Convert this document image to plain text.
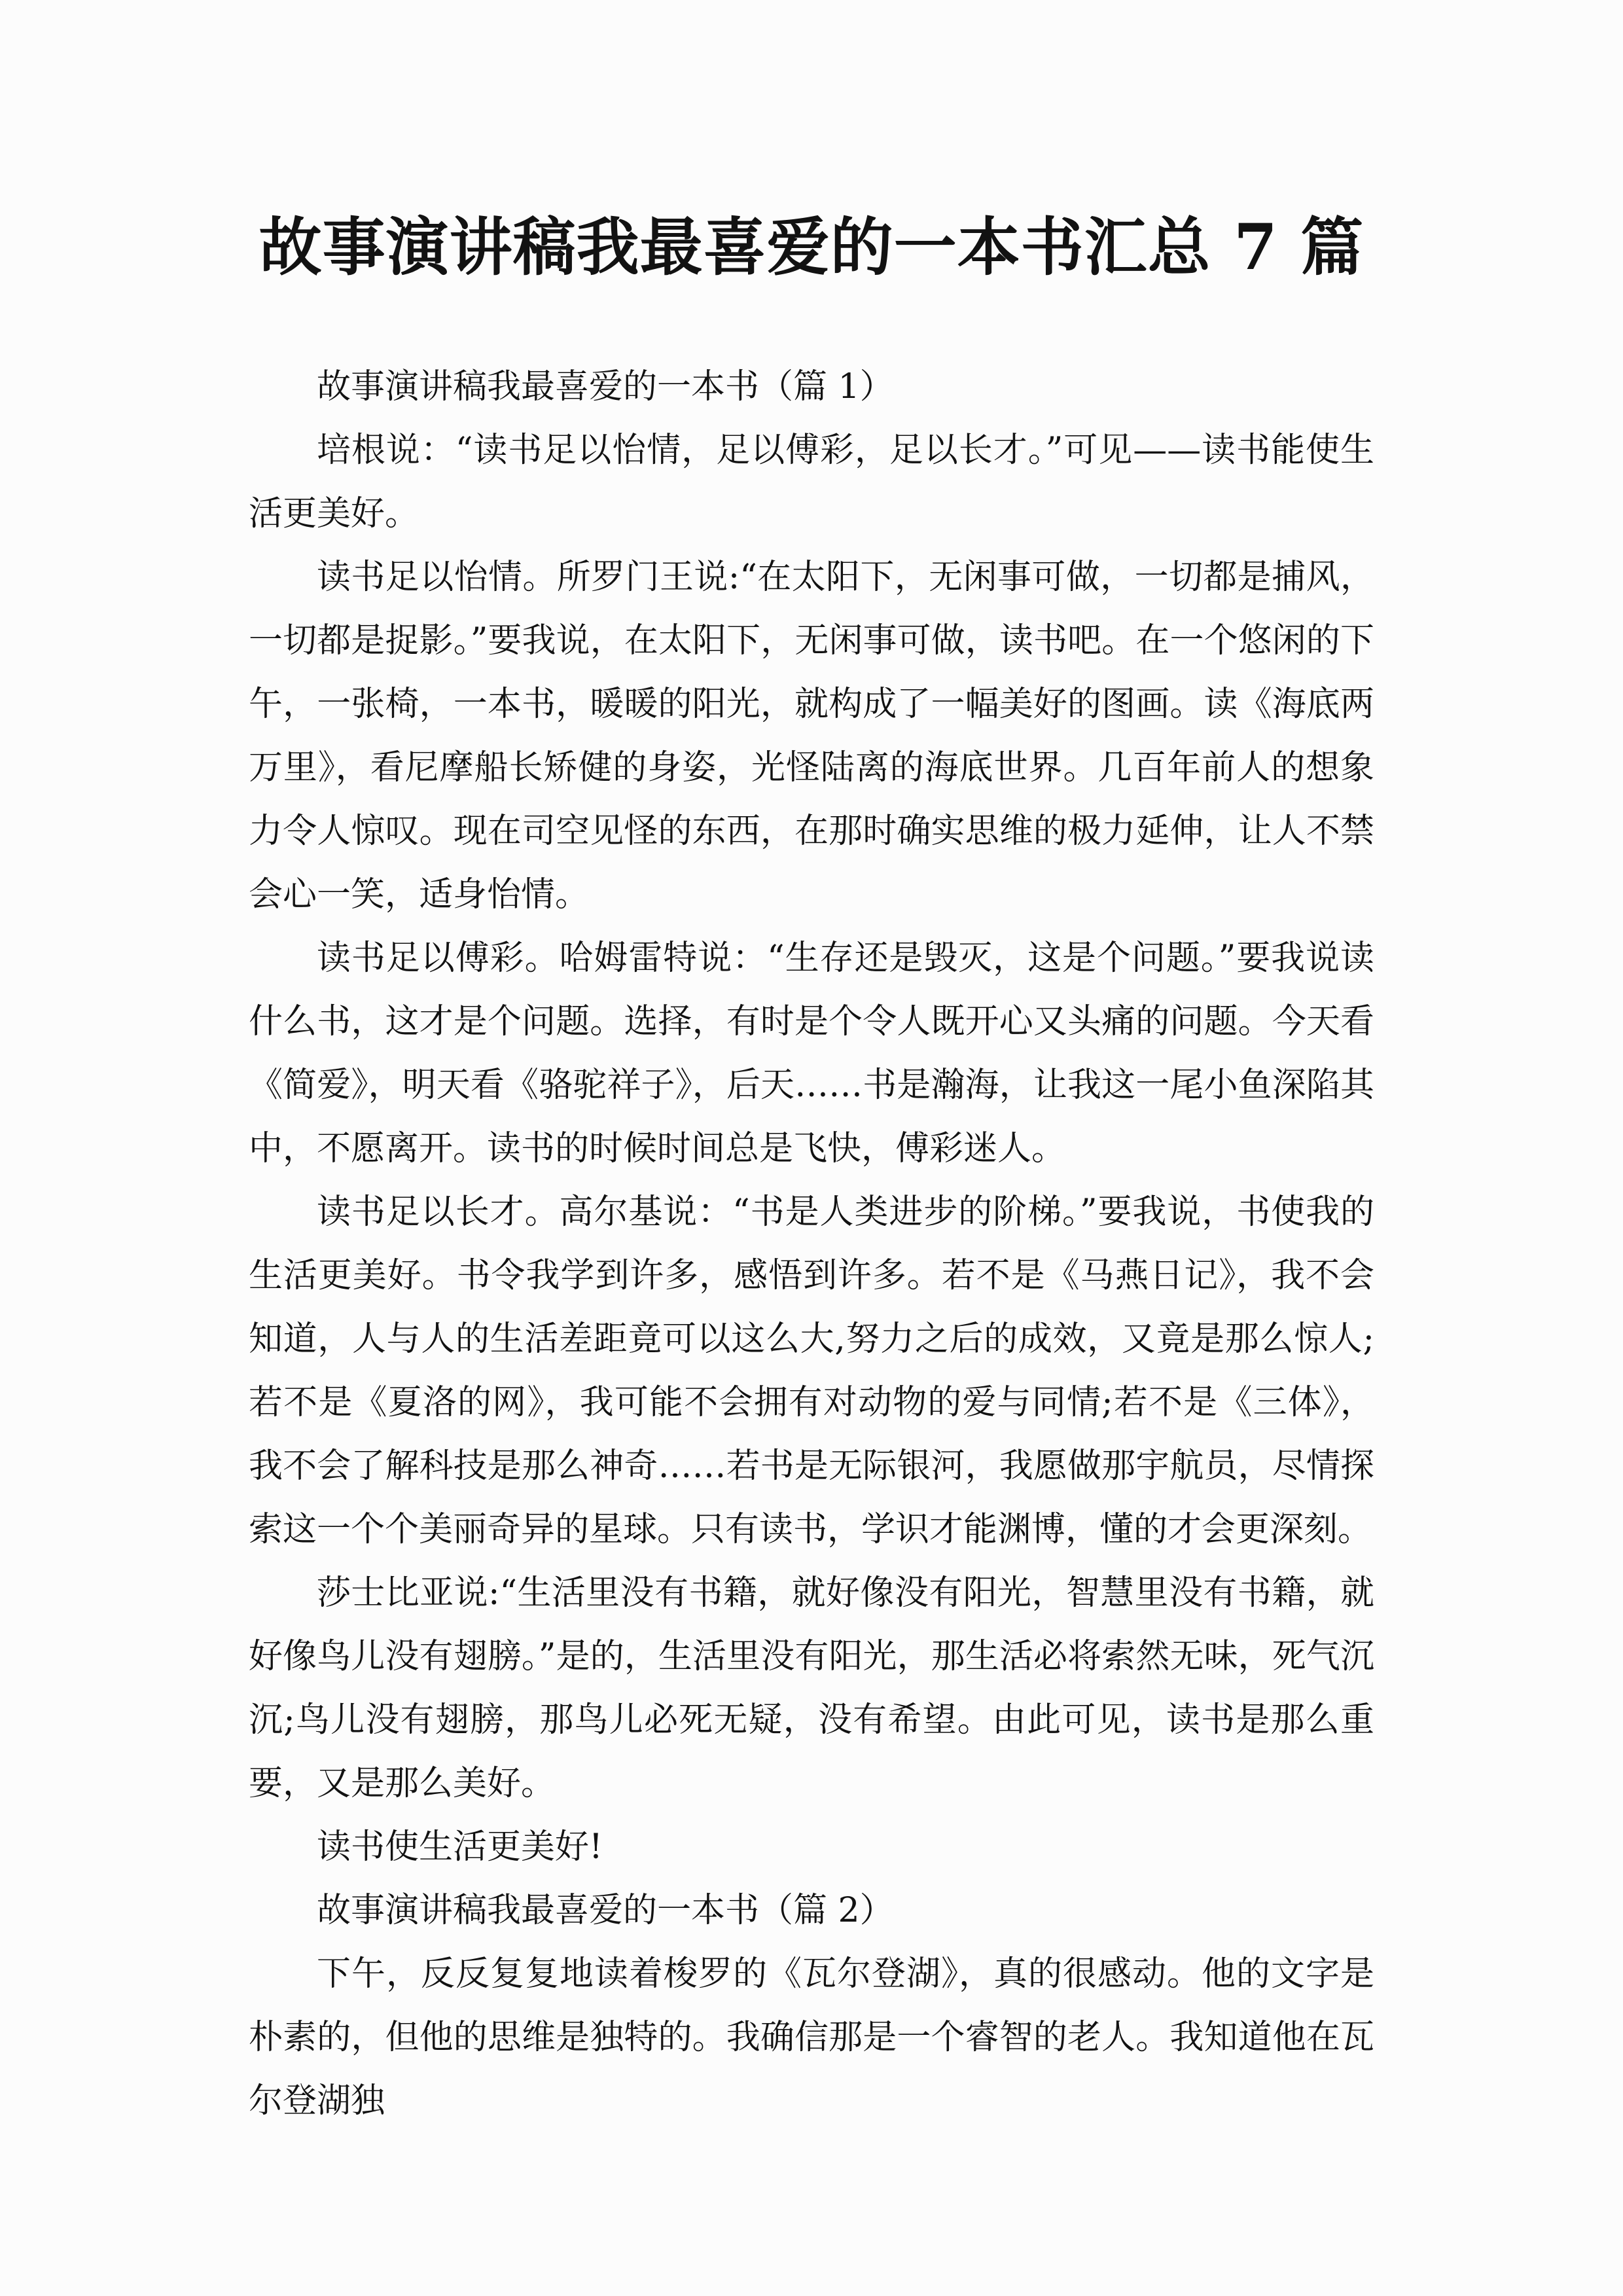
故事演讲稿我最喜爱的一本书汇总 7 篇

故事演讲稿我最喜爱的一本书（篇 1）

培根说：“读书足以怡情，足以傅彩，足以长才。”可见——读书能使生活更美好。

读书足以怡情。所罗门王说:“在太阳下，无闲事可做，一切都是捕风，一切都是捉影。”要我说，在太阳下，无闲事可做，读书吧。在一个悠闲的下午，一张椅，一本书，暖暖的阳光，就构成了一幅美好的图画。读《海底两万里》，看尼摩船长矫健的身姿，光怪陆离的海底世界。几百年前人的想象力令人惊叹。现在司空见怪的东西，在那时确实思维的极力延伸，让人不禁会心一笑，适身怡情。

读书足以傅彩。哈姆雷特说：“生存还是毁灭，这是个问题。”要我说读什么书，这才是个问题。选择，有时是个令人既开心又头痛的问题。今天看《简爱》，明天看《骆驼祥子》，后天……书是瀚海，让我这一尾小鱼深陷其中，不愿离开。读书的时候时间总是飞快，傅彩迷人。

读书足以长才。高尔基说：“书是人类进步的阶梯。”要我说，书使我的生活更美好。书令我学到许多，感悟到许多。若不是《马燕日记》，我不会知道，人与人的生活差距竟可以这么大,努力之后的成效，又竟是那么惊人;若不是《夏洛的网》，我可能不会拥有对动物的爱与同情;若不是《三体》，我不会了解科技是那么神奇……若书是无际银河，我愿做那宇航员，尽情探索这一个个美丽奇异的星球。只有读书，学识才能渊博，懂的才会更深刻。

莎士比亚说:“生活里没有书籍，就好像没有阳光，智慧里没有书籍，就好像鸟儿没有翅膀。”是的，生活里没有阳光，那生活必将索然无味，死气沉沉;鸟儿没有翅膀，那鸟儿必死无疑，没有希望。由此可见，读书是那么重要，又是那么美好。

读书使生活更美好!

故事演讲稿我最喜爱的一本书（篇 2）

下午，反反复复地读着梭罗的《瓦尔登湖》，真的很感动。他的文字是朴素的，但他的思维是独特的。我确信那是一个睿智的老人。我知道他在瓦尔登湖独
